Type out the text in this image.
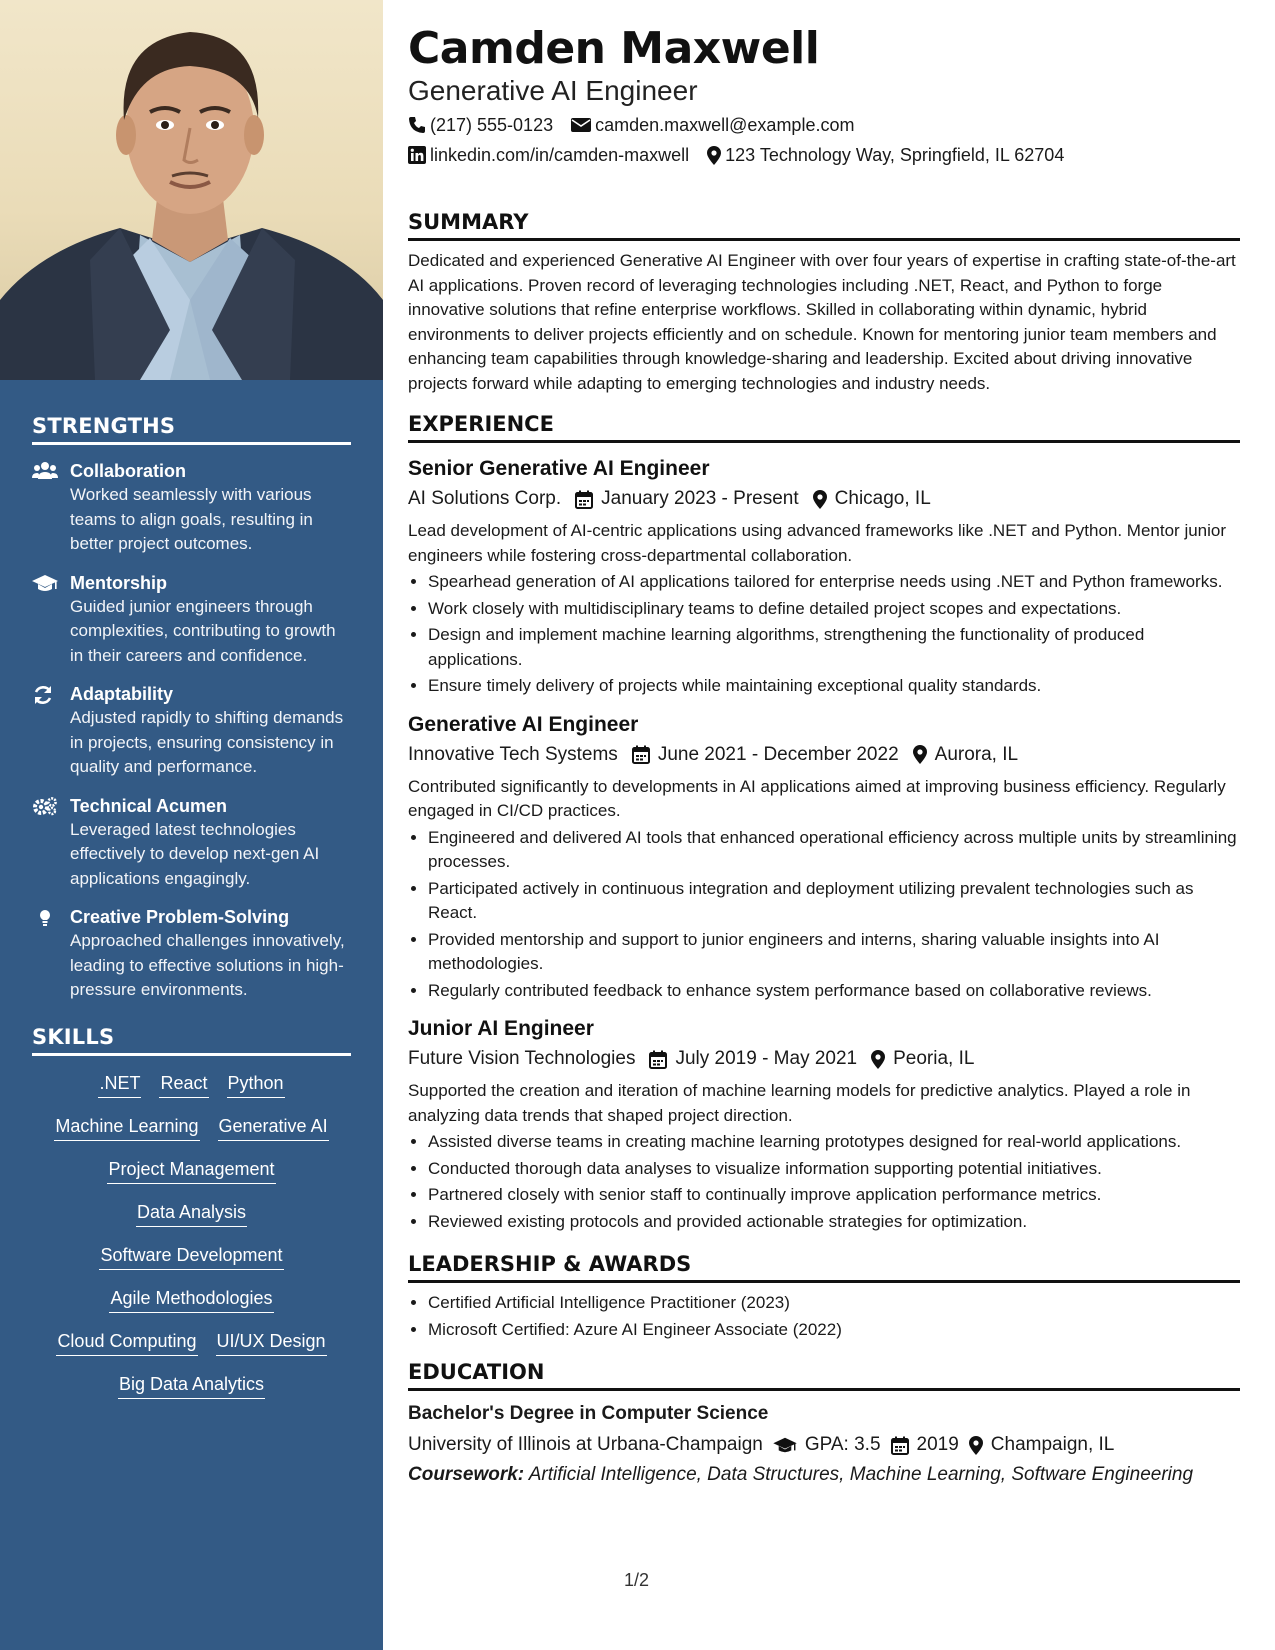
STRENGTHS
Collaboration
Worked seamlessly with various teams to align goals, resulting in better project outcomes.
Mentorship
Guided junior engineers through complexities, contributing to growth in their careers and confidence.
Adaptability
Adjusted rapidly to shifting demands in projects, ensuring consistency in quality and performance.
Technical Acumen
Leveraged latest technologies effectively to develop next-gen AI applications engagingly.
Creative Problem-Solving
Approached challenges innovatively, leading to effective solutions in high-pressure environments.
SKILLS
.NET React Python
Machine Learning Generative AI
Project Management
Data Analysis
Software Development
Agile Methodologies
Cloud Computing UI/UX Design
Big Data Analytics
Camden Maxwell
Generative AI Engineer
(217) 555-0123 camden.maxwell@example.com
linkedin.com/in/camden-maxwell 123 Technology Way, Springfield, IL 62704
SUMMARY
Dedicated and experienced Generative AI Engineer with over four years of expertise in crafting state-of-the-art AI applications. Proven record of leveraging technologies including .NET, React, and Python to forge innovative solutions that refine enterprise workflows. Skilled in collaborating within dynamic, hybrid environments to deliver projects efficiently and on schedule. Known for mentoring junior team members and enhancing team capabilities through knowledge-sharing and leadership. Excited about driving innovative projects forward while adapting to emerging technologies and industry needs.
EXPERIENCE
Senior Generative AI Engineer
AI Solutions Corp. January 2023 - Present Chicago, IL
Lead development of AI-centric applications using advanced frameworks like .NET and Python. Mentor junior engineers while fostering cross-departmental collaboration.
• Spearhead generation of AI applications tailored for enterprise needs using .NET and Python frameworks.
• Work closely with multidisciplinary teams to define detailed project scopes and expectations.
• Design and implement machine learning algorithms, strengthening the functionality of produced applications.
• Ensure timely delivery of projects while maintaining exceptional quality standards.
Generative AI Engineer
Innovative Tech Systems June 2021 - December 2022 Aurora, IL
Contributed significantly to developments in AI applications aimed at improving business efficiency. Regularly engaged in CI/CD practices.
• Engineered and delivered AI tools that enhanced operational efficiency across multiple units by streamlining processes.
• Participated actively in continuous integration and deployment utilizing prevalent technologies such as React.
• Provided mentorship and support to junior engineers and interns, sharing valuable insights into AI methodologies.
• Regularly contributed feedback to enhance system performance based on collaborative reviews.
Junior AI Engineer
Future Vision Technologies July 2019 - May 2021 Peoria, IL
Supported the creation and iteration of machine learning models for predictive analytics. Played a role in analyzing data trends that shaped project direction.
• Assisted diverse teams in creating machine learning prototypes designed for real-world applications.
• Conducted thorough data analyses to visualize information supporting potential initiatives.
• Partnered closely with senior staff to continually improve application performance metrics.
• Reviewed existing protocols and provided actionable strategies for optimization.
LEADERSHIP & AWARDS
• Certified Artificial Intelligence Practitioner (2023)
• Microsoft Certified: Azure AI Engineer Associate (2022)
EDUCATION
Bachelor's Degree in Computer Science
University of Illinois at Urbana-Champaign GPA: 3.5 2019 Champaign, IL
Coursework: Artificial Intelligence, Data Structures, Machine Learning, Software Engineering
1/2
